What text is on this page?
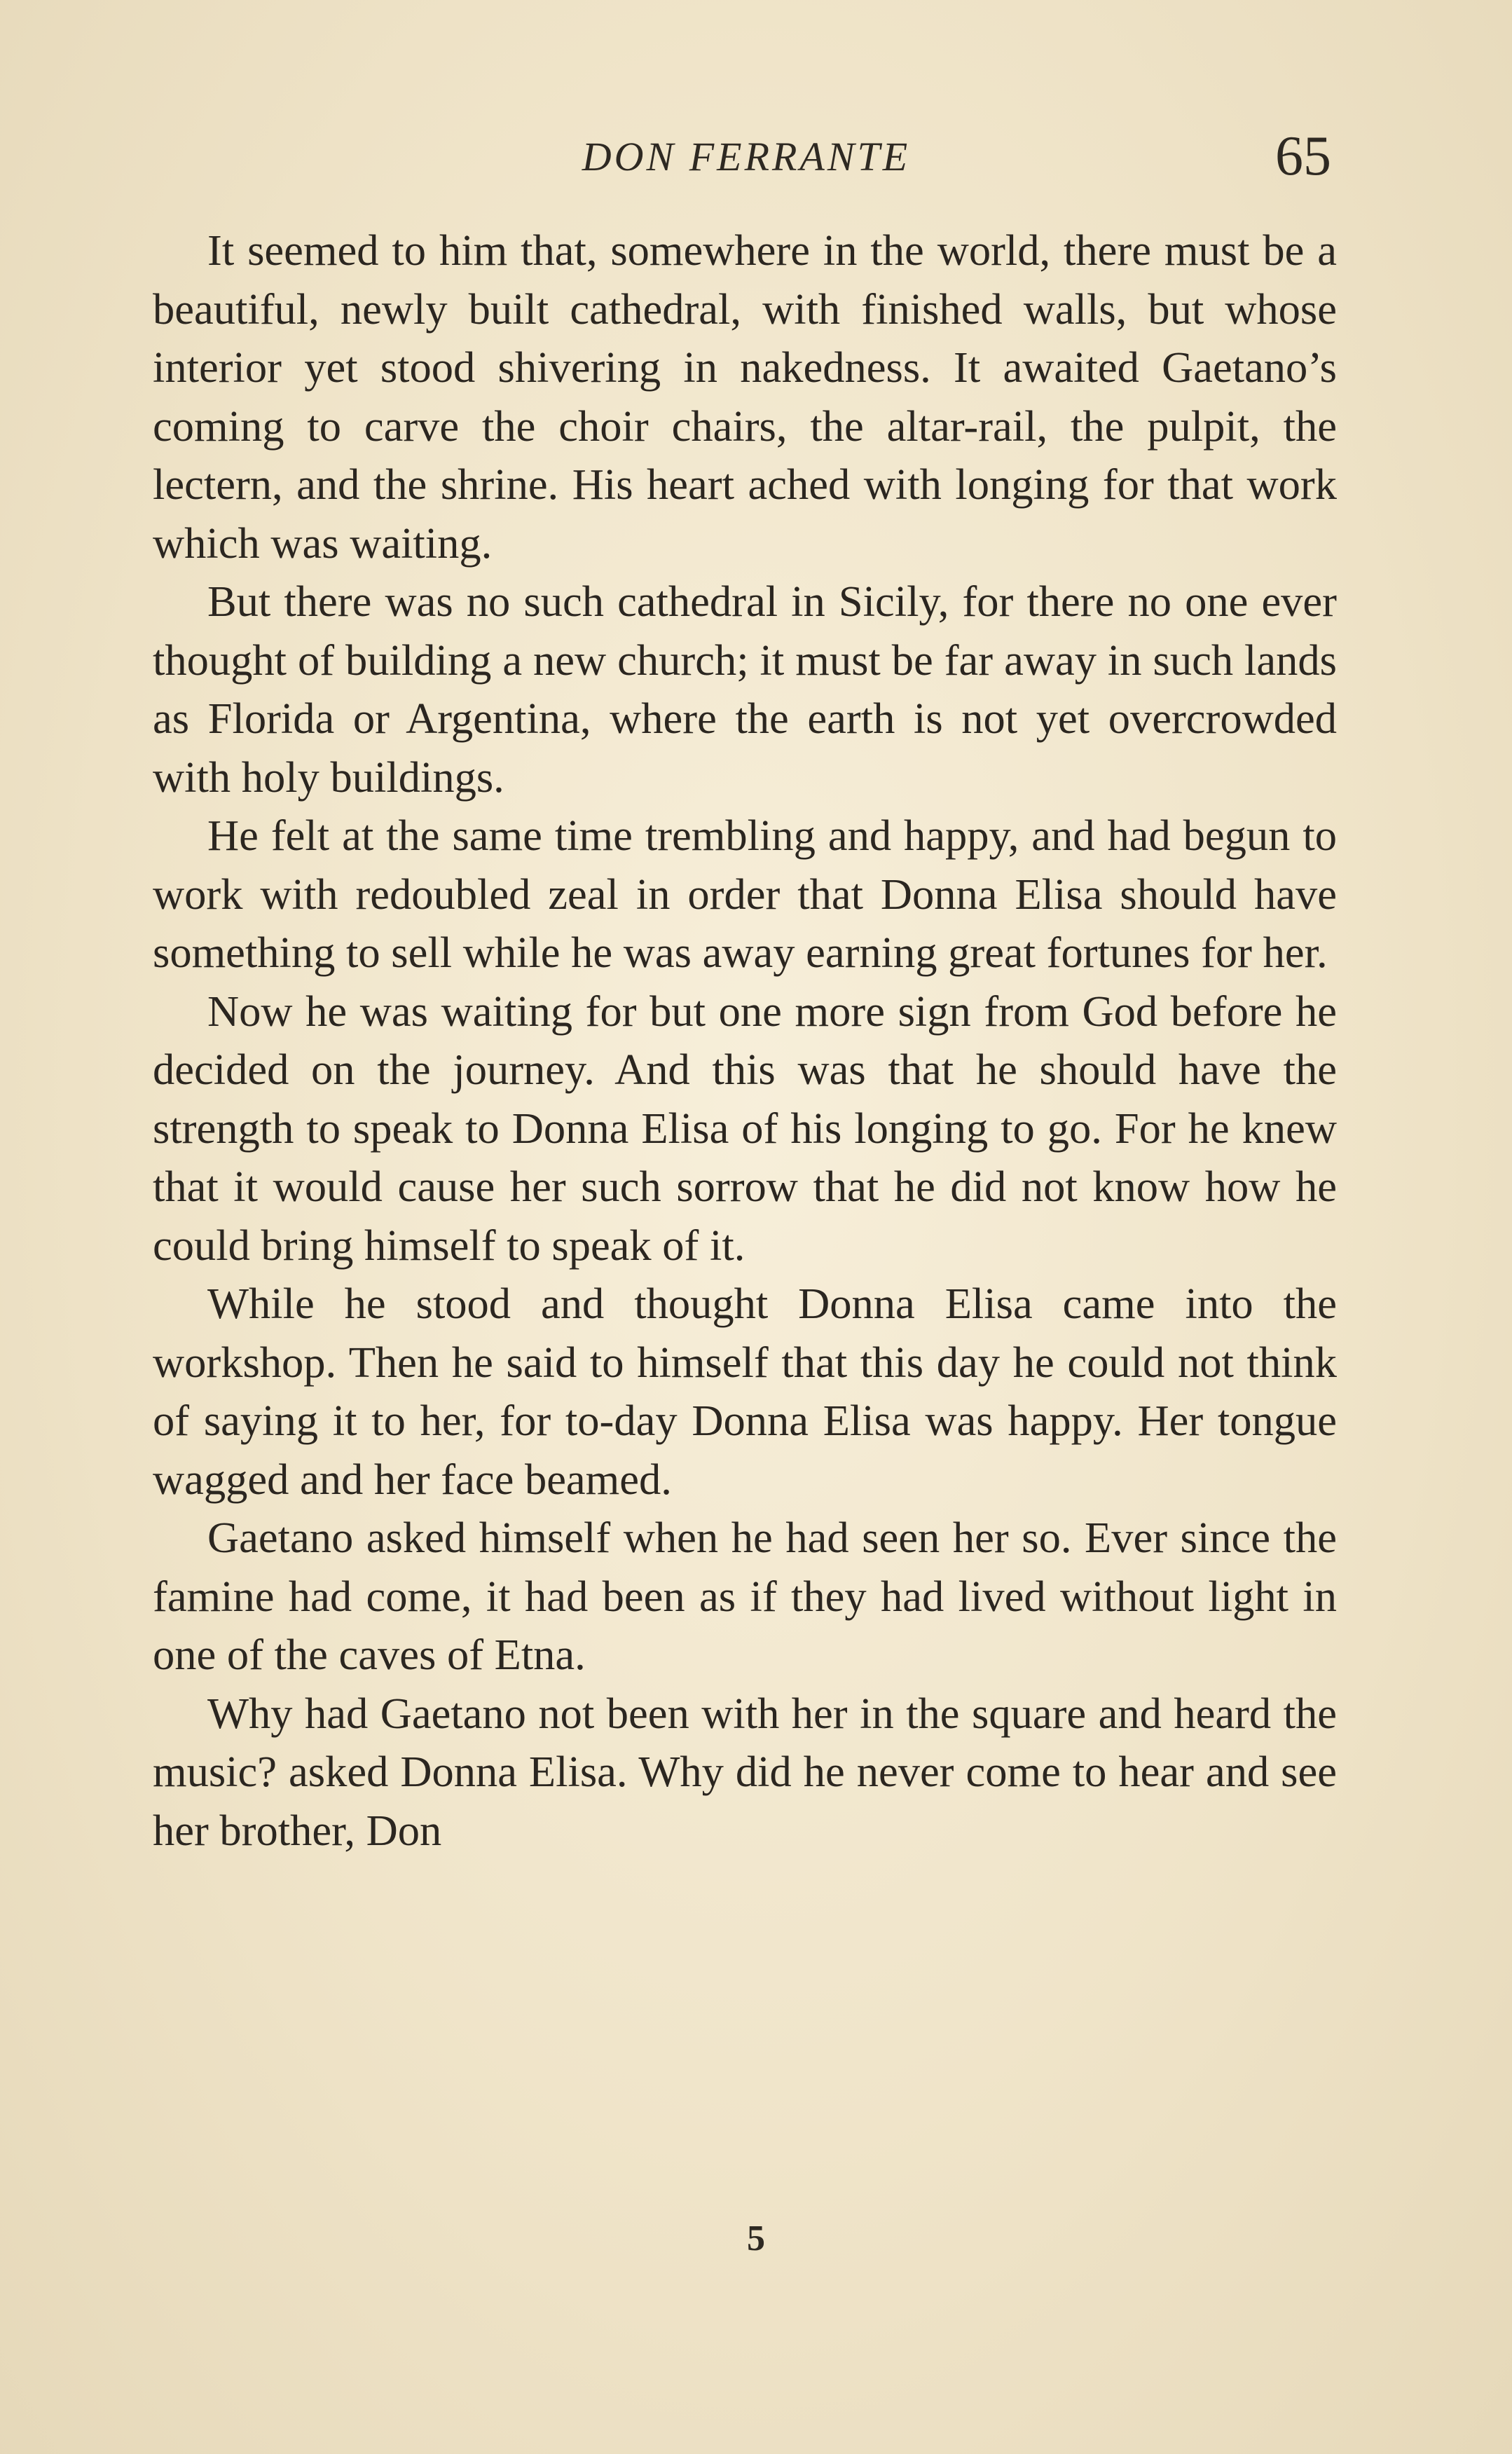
DON FERRANTE	65

It seemed to him that, somewhere in the world, there must be a beautiful, newly built cathedral, with finished walls, but whose interior yet stood shivering in nakedness. It awaited Gaetano’s coming to carve the choir chairs, the altar-rail, the pulpit, the lectern, and the shrine. His heart ached with longing for that work which was waiting.

But there was no such cathedral in Sicily, for there no one ever thought of building a new church; it must be far away in such lands as Florida or Argentina, where the earth is not yet overcrowded with holy buildings.

He felt at the same time trembling and happy, and had begun to work with redoubled zeal in order that Donna Elisa should have something to sell while he was away earning great fortunes for her.

Now he was waiting for but one more sign from God before he decided on the journey. And this was that he should have the strength to speak to Donna Elisa of his longing to go. For he knew that it would cause her such sorrow that he did not know how he could bring himself to speak of it.

While he stood and thought Donna Elisa came into the workshop. Then he said to himself that this day he could not think of saying it to her, for to-day Donna Elisa was happy. Her tongue wagged and her face beamed.

Gaetano asked himself when he had seen her so. Ever since the famine had come, it had been as if they had lived without light in one of the caves of Etna.

Why had Gaetano not been with her in the square and heard the music? asked Donna Elisa. Why did he never come to hear and see her brother, Don

5
